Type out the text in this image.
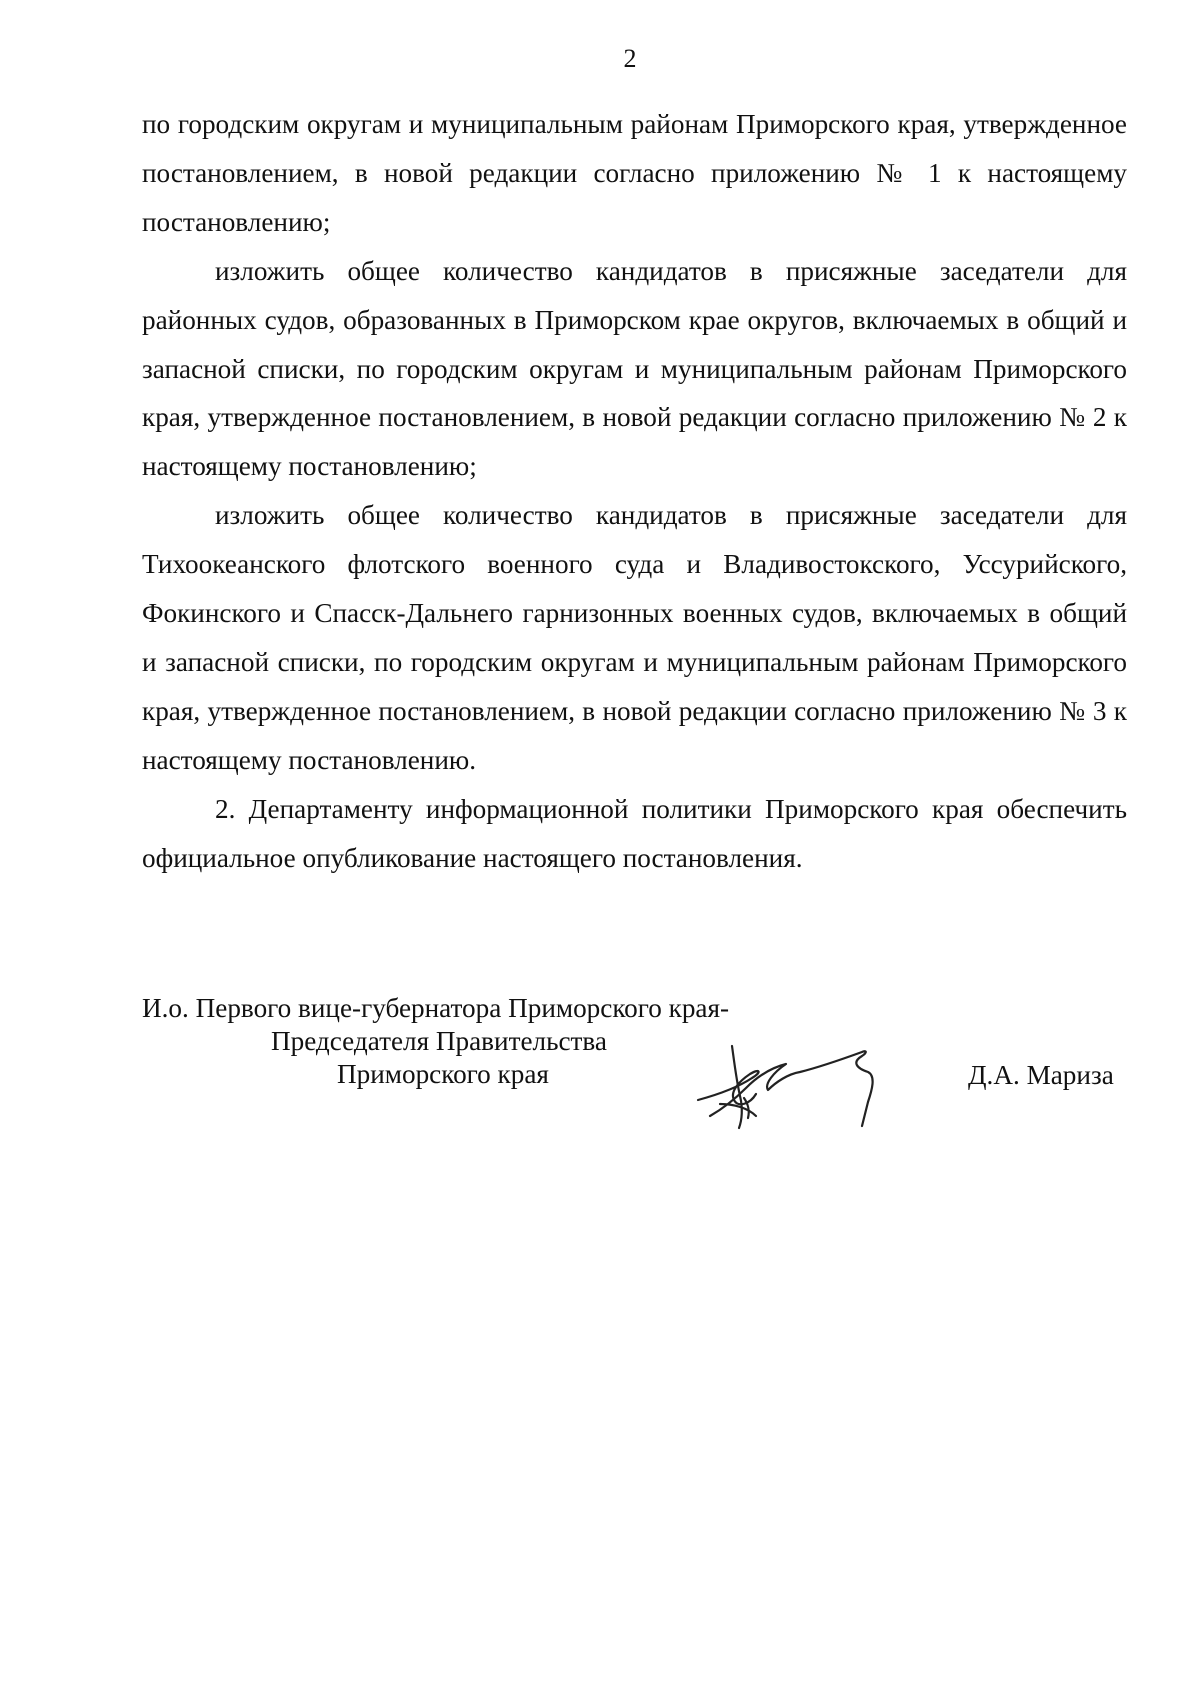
2

по городским округам и муниципальным районам Приморского края, утвержденное постановлением, в новой редакции согласно приложению № 1 к настоящему постановлению;

изложить общее количество кандидатов в присяжные заседатели для районных судов, образованных в Приморском крае округов, включаемых в общий и запасной списки, по городским округам и муниципальным районам Приморского края, утвержденное постановлением, в новой редакции согласно приложению № 2 к настоящему постановлению;

изложить общее количество кандидатов в присяжные заседатели для Тихоокеанского флотского военного суда и Владивостокского, Уссурийского, Фокинского и Спасск-Дальнего гарнизонных военных судов, включаемых в общий и запасной списки, по городским округам и муниципальным районам Приморского края, утвержденное постановлением, в новой редакции согласно приложению № 3 к настоящему постановлению.

2. Департаменту информационной политики Приморского края обеспечить официальное опубликование настоящего постановления.

И.о. Первого вице-губернатора Приморского края-
Председателя Правительства
Приморского края	Д.А. Мариза
